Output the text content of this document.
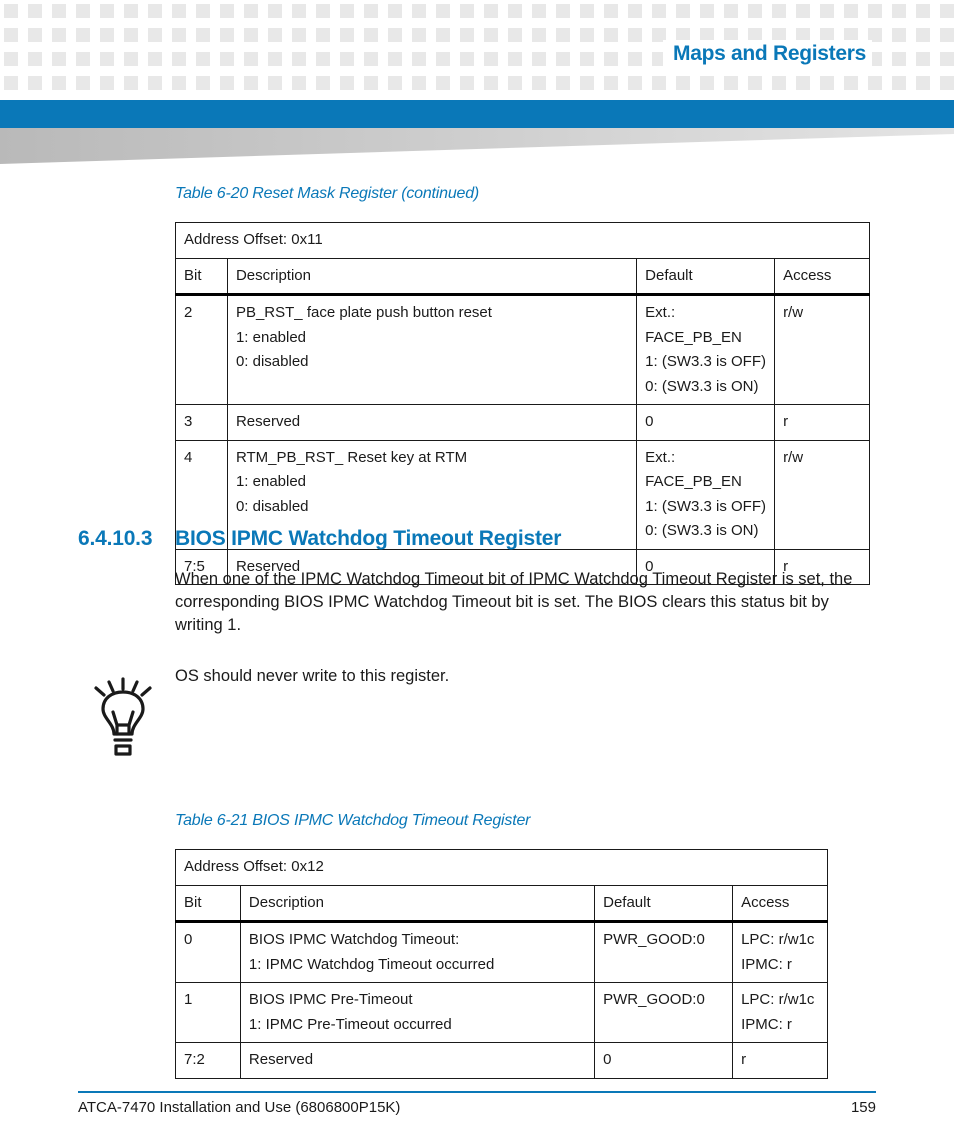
Maps and Registers
Table 6-20 Reset Mask Register (continued)
Address Offset: 0x11			
Bit	Description	Default	Access
2	PB_RST_ face plate push button reset
1: enabled
0: disabled	Ext.: FACE_PB_EN
1: (SW3.3 is OFF)
0: (SW3.3 is ON)	r/w

3	Reserved	0	r

4	RTM_PB_RST_ Reset key at RTM
1: enabled
0: disabled	Ext.: FACE_PB_EN
1: (SW3.3 is OFF)
0: (SW3.3 is ON)	r/w

7:5	Reserved	0	r
6.4.10.3 BIOS IPMC Watchdog Timeout Register
When one of the IPMC Watchdog Timeout bit of IPMC Watchdog Timeout Register is set, the corresponding BIOS IPMC Watchdog Timeout bit is set. The BIOS clears this status bit by writing 1.
OS should never write to this register.
Table 6-21 BIOS IPMC Watchdog Timeout Register
Address Offset: 0x12			
Bit	Description	Default	Access
0	BIOS IPMC Watchdog Timeout:
1: IPMC Watchdog Timeout occurred	PWR_GOOD:0	LPC: r/w1c
IPMC: r

1	BIOS IPMC Pre-Timeout
1: IPMC Pre-Timeout occurred	PWR_GOOD:0	LPC: r/w1c
IPMC: r

7:2	Reserved	0	r
ATCA-7470 Installation and Use (6806800P15K)	159
